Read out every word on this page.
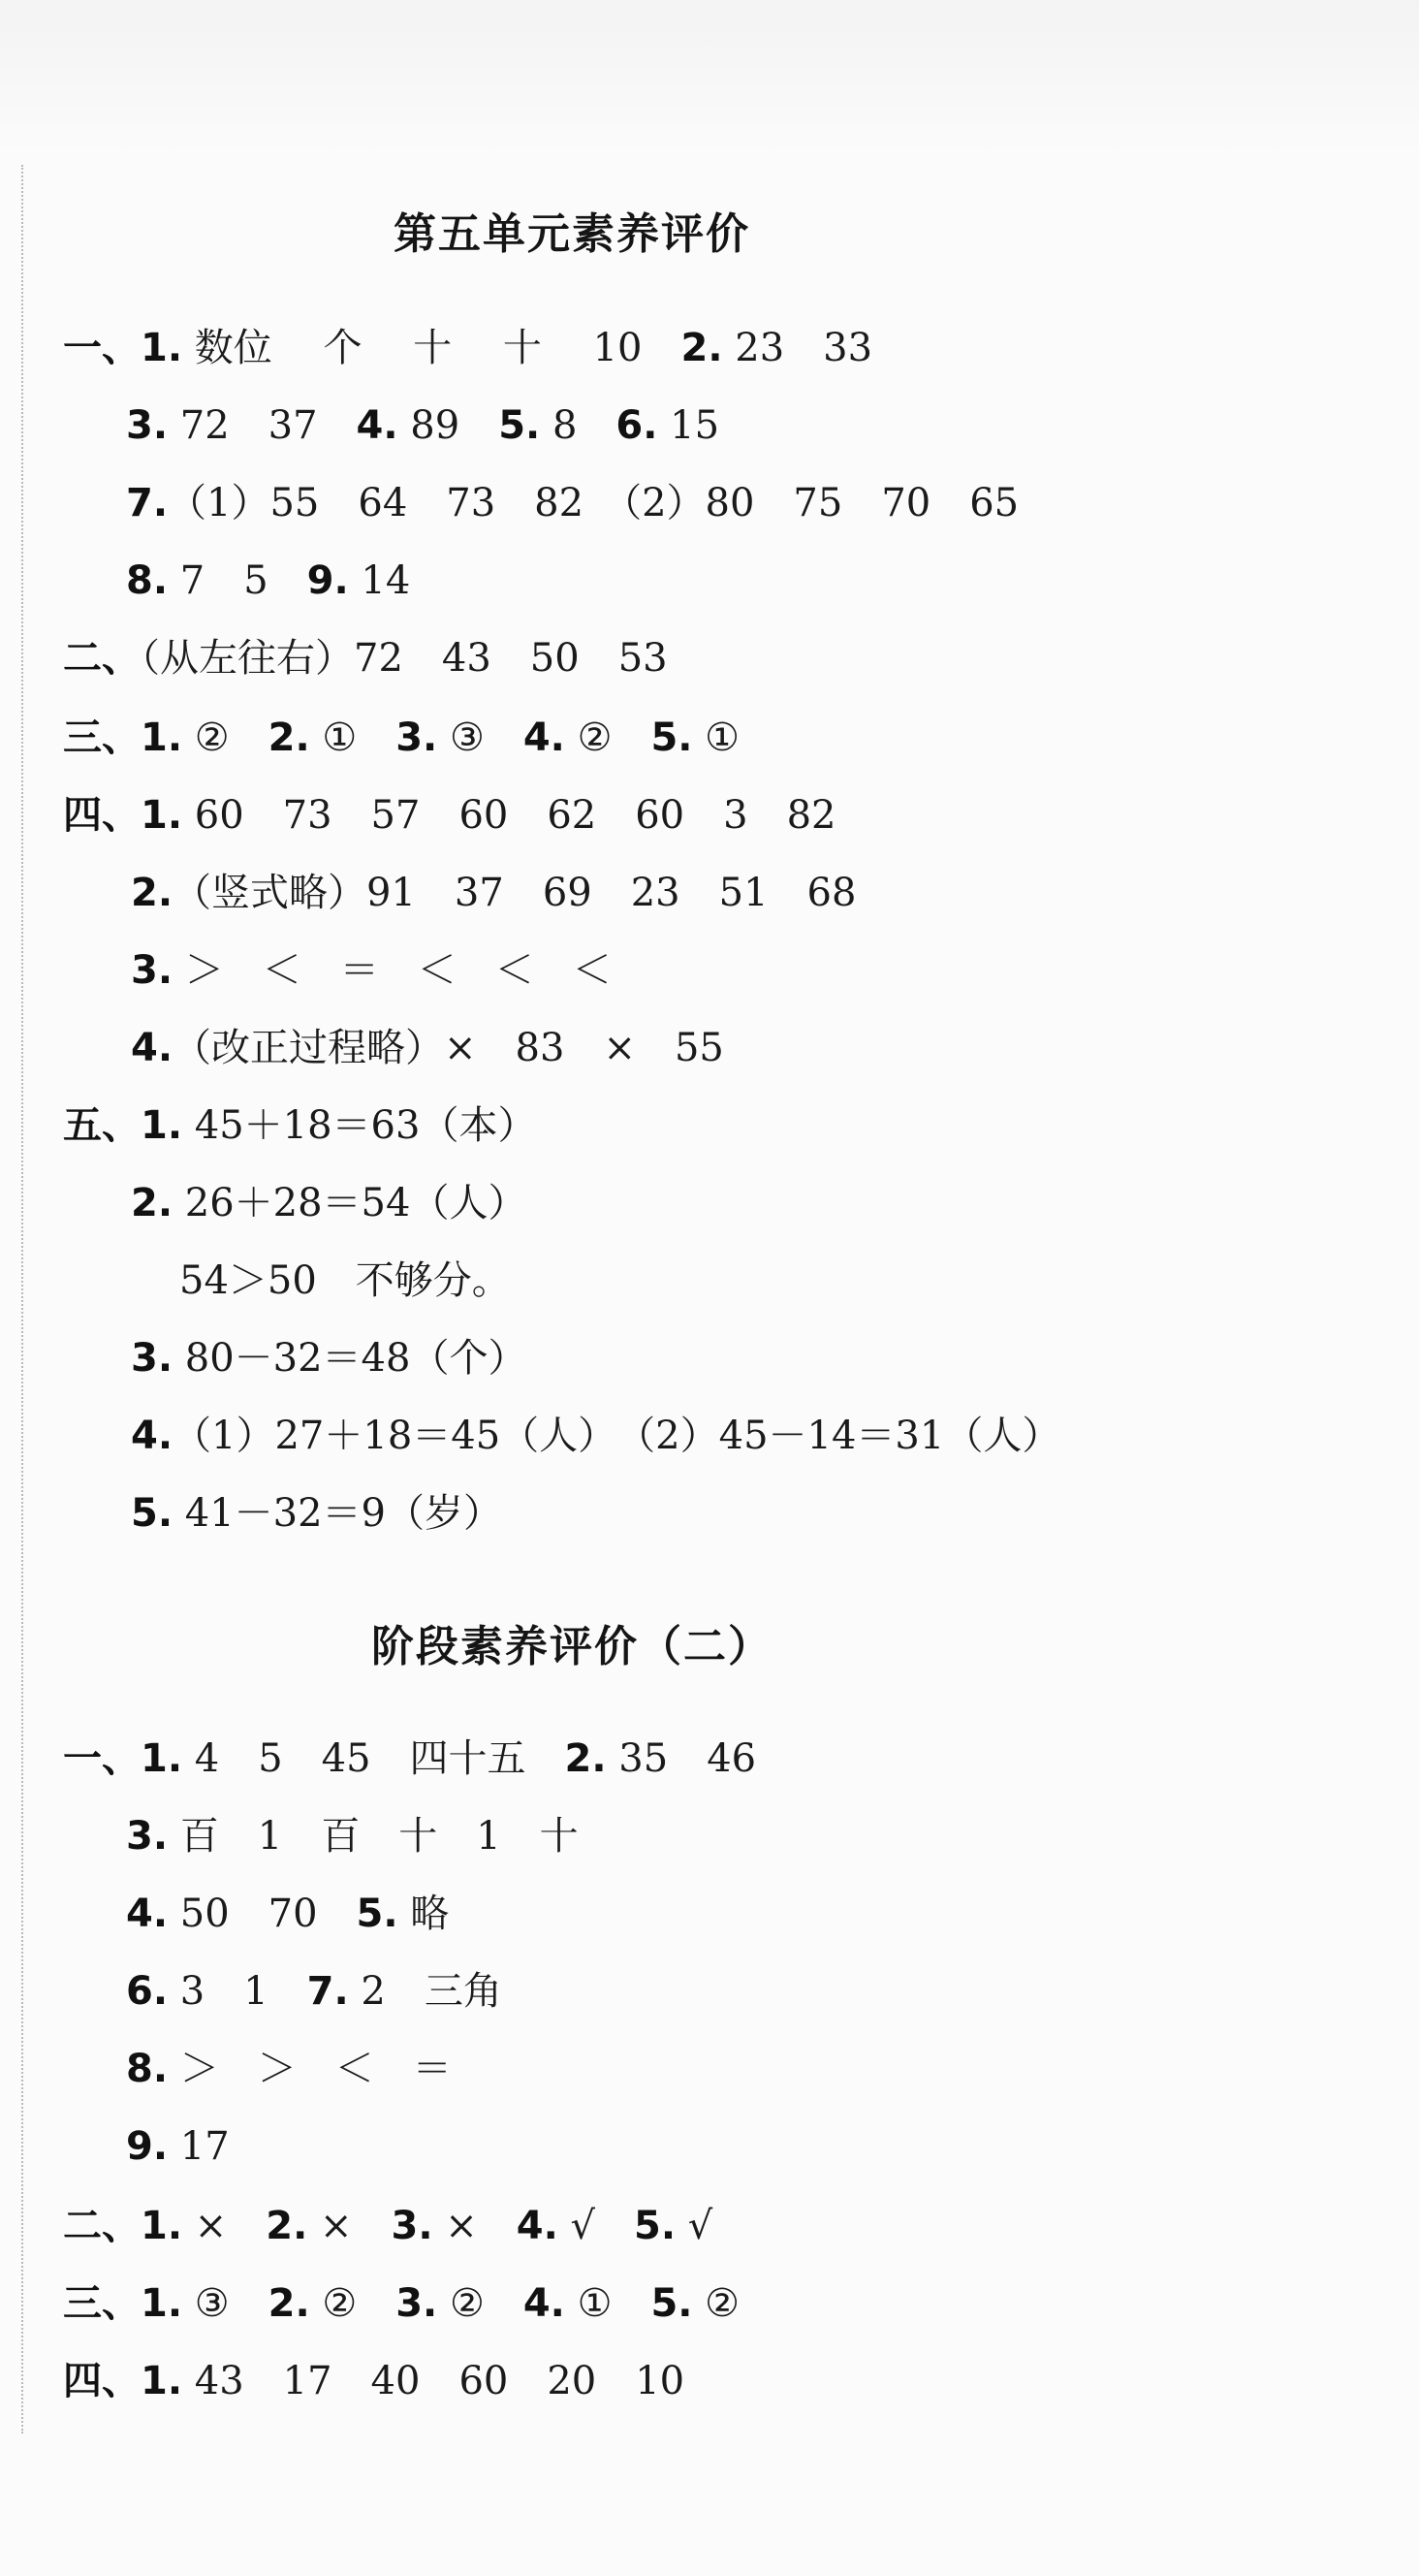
第五单元素养评价
一、1. 数位　 个　 十　 十　 10　2. 23　33
3. 72　37　4. 89　5. 8　6. 15
7.（1）55　64　73　82　（2）80　75　70　65
8. 7　5　9. 14
二、（从左往右）72　43　50　53
三、1. ②　2. ①　3. ③　4. ②　5. ①
四、1. 60　73　57　60　62　60　3　82
2.（竖式略）91　37　69　23　51　68
3. ＞　＜　＝　＜　＜　＜
4.（改正过程略）×　83　×　55
五、1. 45＋18＝63（本）
2. 26＋28＝54（人）
54＞50　不够分。
3. 80－32＝48（个）
4.（1）27＋18＝45（人）　（2）45－14＝31（人）
5. 41－32＝9（岁）
阶段素养评价（二）
一、1. 4　5　45　四十五　2. 35　46
3. 百　1　百　十　1　十
4. 50　70　5. 略
6. 3　1　7. 2　三角
8. ＞　＞　＜　＝
9. 17
二、1. ×　2. ×　3. ×　4. √　5. √
三、1. ③　2. ②　3. ②　4. ①　5. ②
四、1. 43　17　40　60　20　10
